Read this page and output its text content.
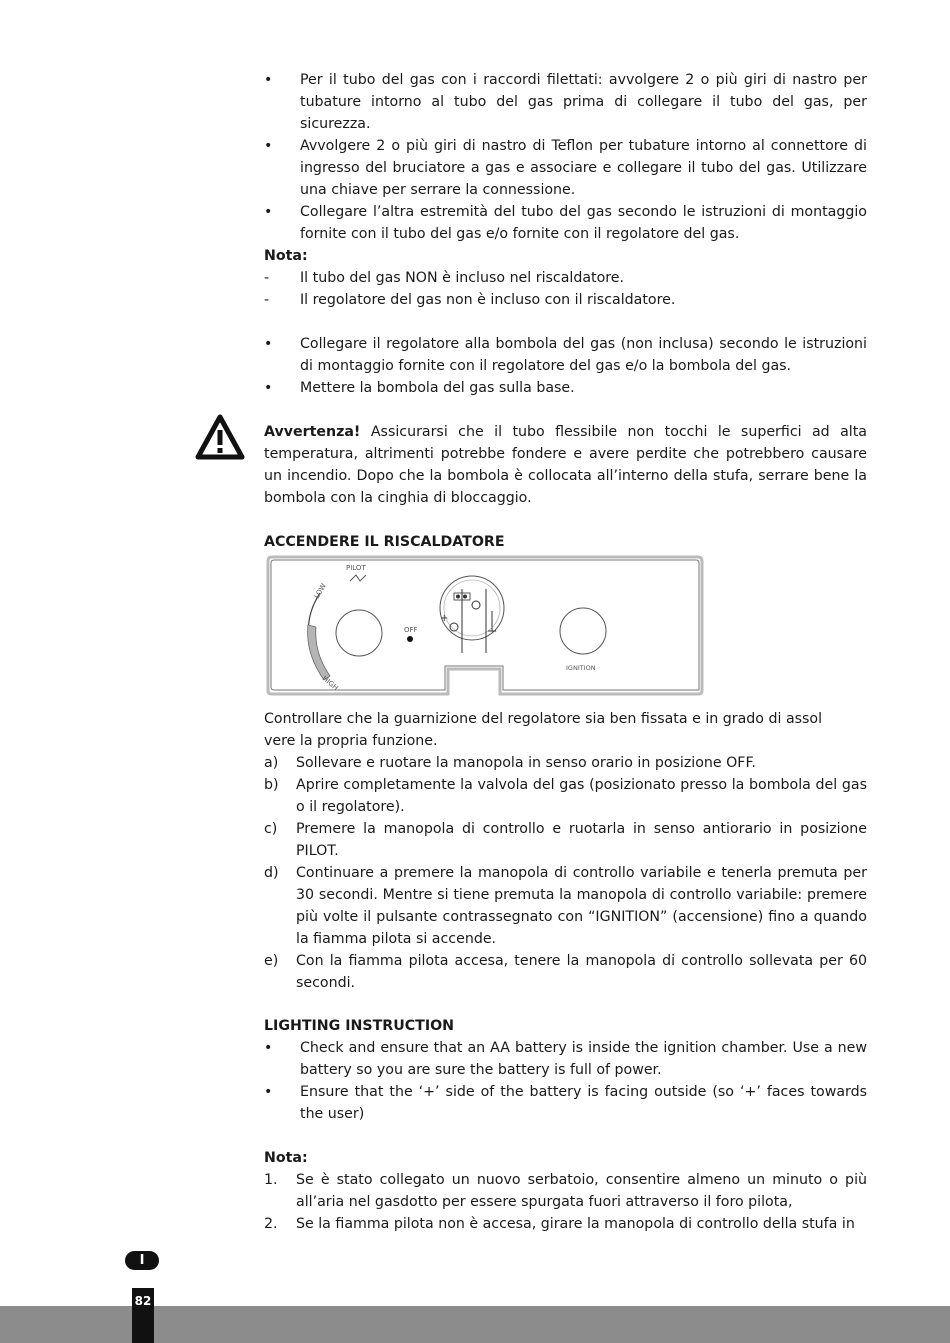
•	Per il tubo del gas con i raccordi filettati: avvolgere 2 o più giri di nastro per tubature intorno al tubo del gas prima di collegare il tubo del gas, per sicurezza.
•	Avvolgere 2 o più giri di nastro di Teflon per tubature intorno al connettore di ingresso del bruciatore a gas e associare e collegare il tubo del gas. Utilizzare una chiave per serrare la connessione.
•	Collegare l’altra estremità del tubo del gas secondo le istruzioni di montaggio fornite con il tubo del gas e/o fornite con il regolatore del gas.
Nota:
-	Il tubo del gas NON è incluso nel riscaldatore.
-	Il regolatore del gas non è incluso con il riscaldatore.
•	Collegare il regolatore alla bombola del gas (non inclusa) secondo le istruzioni di montaggio fornite con il regolatore del gas e/o la bombola del gas.
•	Mettere la bombola del gas sulla base.
Avvertenza! Assicurarsi che il tubo flessibile non tocchi le superfici ad alta temperatura, altrimenti potrebbe fondere e avere perdite che potrebbero causare un incendio. Dopo che la bombola è collocata all’interno della stufa, serrare bene la bombola con la cinghia di bloccaggio.
ACCENDERE IL RISCALDATORE
PILOT
LOW
HIGH
OFF
+
IGNITION
Controllare che la guarnizione del regolatore sia ben fissata e in grado di assol
vere la propria funzione.
a)	Sollevare e ruotare la manopola in senso orario in posizione OFF.
b)	Aprire completamente la valvola del gas (posizionato presso la bombola del gas o il regolatore).
c)	Premere la manopola di controllo e ruotarla in senso antiorario in posizione PILOT.
d)	Continuare a premere la manopola di controllo variabile e tenerla premuta per 30 secondi. Mentre si tiene premuta la manopola di controllo variabile: premere più volte il pulsante contrassegnato con “IGNITION” (accensione) fino a quando la fiamma pilota si accende.
e)	Con la fiamma pilota accesa, tenere la manopola di controllo sollevata per 60 secondi.
LIGHTING INSTRUCTION
•	Check and ensure that an AA battery is inside the ignition chamber. Use a new battery so you are sure the battery is full of power.
•	Ensure that the ‘+’ side of the battery is facing outside (so ‘+’ faces towards the user)
Nota:
1.	Se è stato collegato un nuovo serbatoio, consentire almeno un minuto o più all’aria nel gasdotto per essere spurgata fuori attraverso il foro pilota,
2.	Se la fiamma pilota non è accesa, girare la manopola di controllo della stufa in
I
82
